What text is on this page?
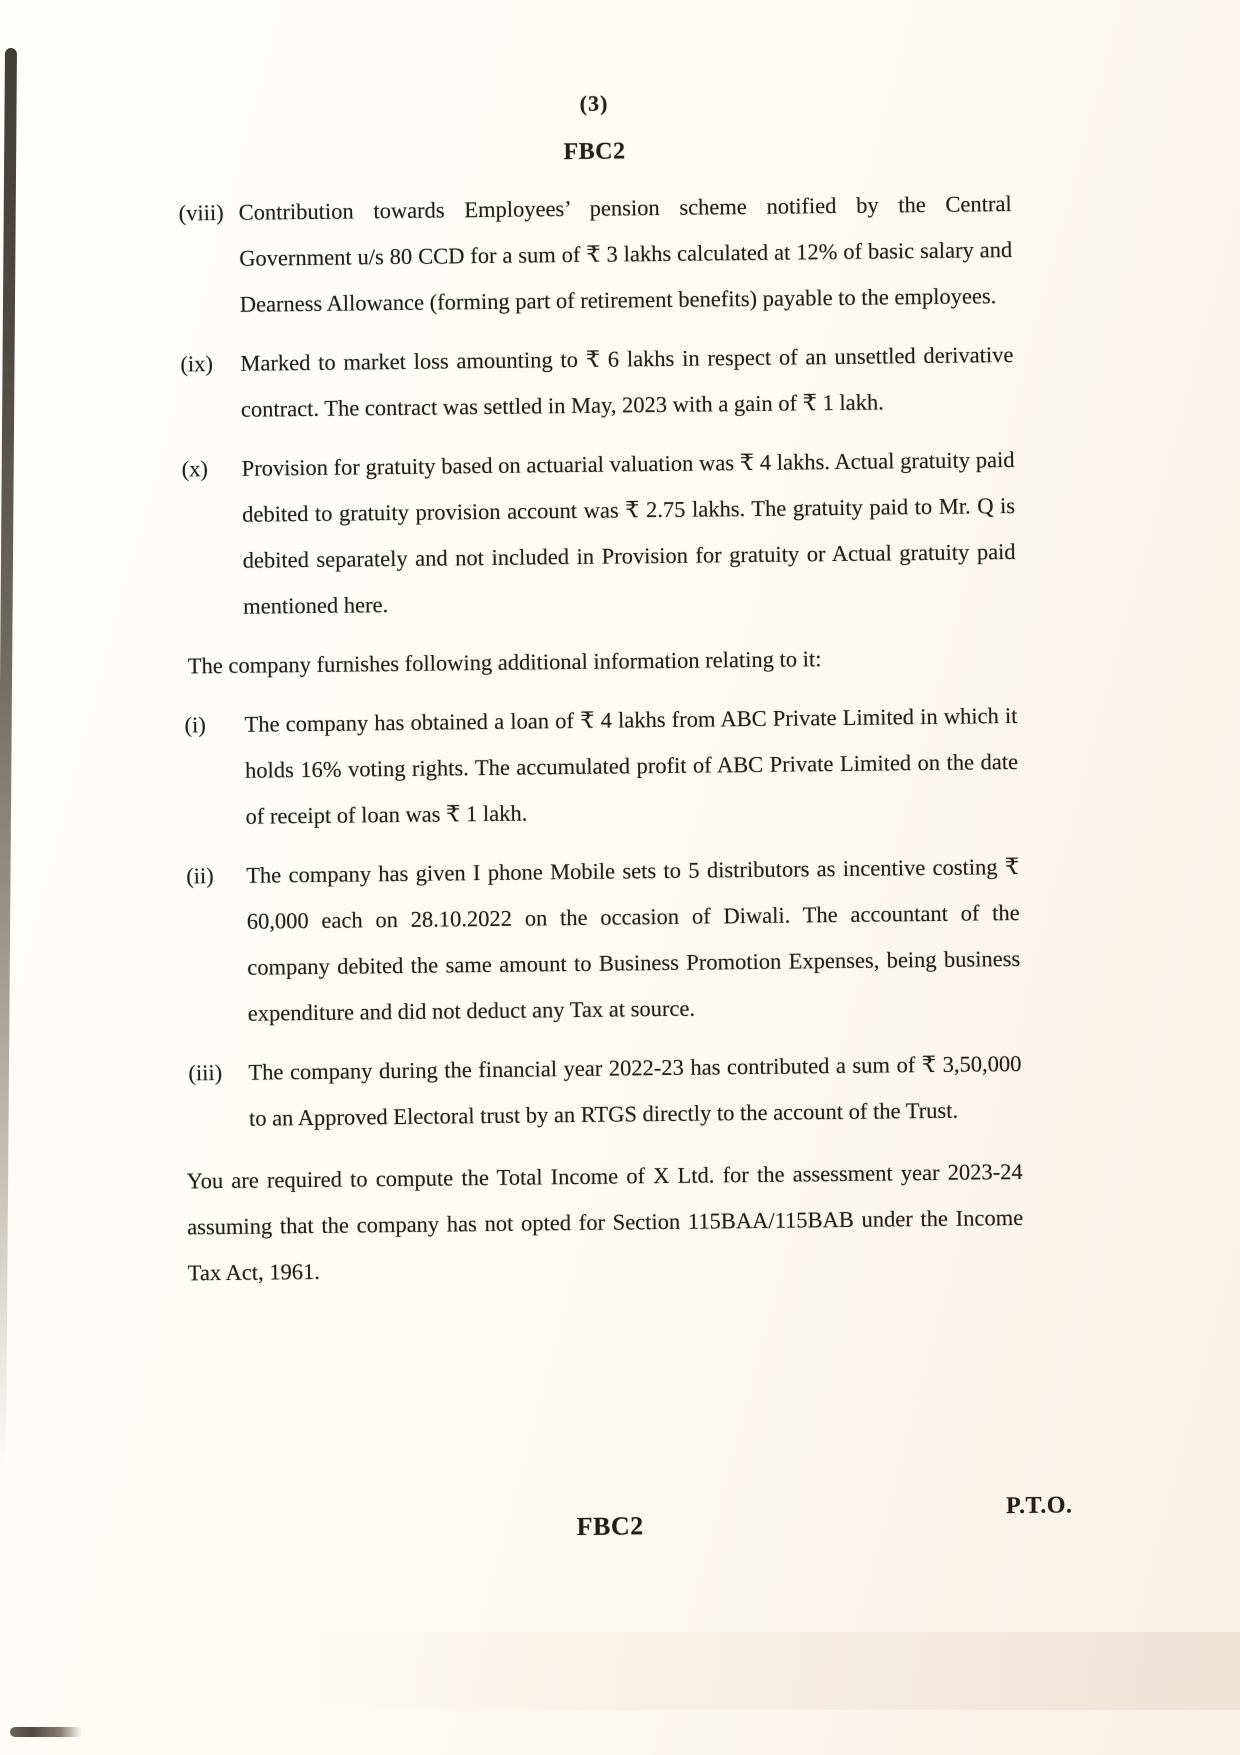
(3)
FBC2
(viii) Contribution towards Employees’ pension scheme notified by the Central Government u/s 80 CCD for a sum of ₹ 3 lakhs calculated at 12% of basic salary and Dearness Allowance (forming part of retirement benefits) payable to the employees.
(ix)	Marked to market loss amounting to ₹ 6 lakhs in respect of an unsettled derivative contract. The contract was settled in May, 2023 with a gain of ₹ 1 lakh.
(x)	Provision for gratuity based on actuarial valuation was ₹ 4 lakhs. Actual gratuity paid debited to gratuity provision account was ₹ 2.75 lakhs. The gratuity paid to Mr. Q is debited separately and not included in Provision for gratuity or Actual gratuity paid mentioned here.
The company furnishes following additional information relating to it:
(i)	The company has obtained a loan of ₹ 4 lakhs from ABC Private Limited in which it holds 16% voting rights. The accumulated profit of ABC Private Limited on the date of receipt of loan was ₹ 1 lakh.
(ii)	The company has given I phone Mobile sets to 5 distributors as incentive costing ₹ 60,000 each on 28.10.2022 on the occasion of Diwali. The accountant of the company debited the same amount to Business Promotion Expenses, being business expenditure and did not deduct any Tax at source.
(iii)	The company during the financial year 2022-23 has contributed a sum of ₹ 3,50,000 to an Approved Electoral trust by an RTGS directly to the account of the Trust.
You are required to compute the Total Income of X Ltd. for the assessment year 2023-24 assuming that the company has not opted for Section 115BAA/115BAB under the Income Tax Act, 1961.
FBC2
P.T.O.
